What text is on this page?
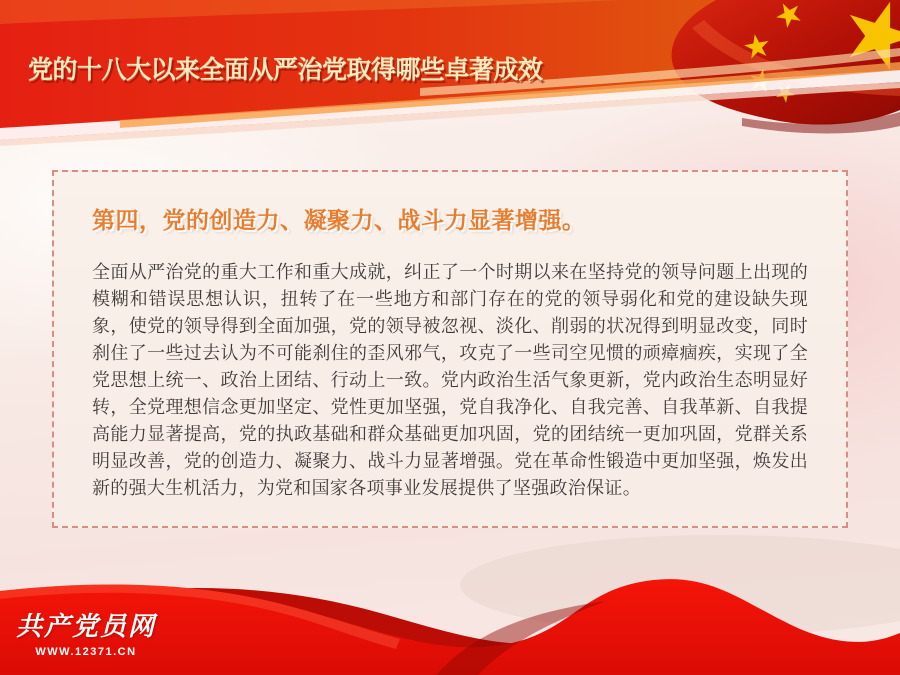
党的十八大以来全面从严治党取得哪些卓著成效
第四，党的创造力、凝聚力、战斗力显著增强。
全面从严治党的重大工作和重大成就，纠正了一个时期以来在坚持党的领导问题上出现的模糊和错误思想认识，扭转了在一些地方和部门存在的党的领导弱化和党的建设缺失现象，使党的领导得到全面加强，党的领导被忽视、淡化、削弱的状况得到明显改变，同时刹住了一些过去认为不可能刹住的歪风邪气，攻克了一些司空见惯的顽瘴痼疾，实现了全党思想上统一、政治上团结、行动上一致。党内政治生活气象更新，党内政治生态明显好转，全党理想信念更加坚定、党性更加坚强，党自我净化、自我完善、自我革新、自我提高能力显著提高，党的执政基础和群众基础更加巩固，党的团结统一更加巩固，党群关系明显改善，党的创造力、凝聚力、战斗力显著增强。党在革命性锻造中更加坚强，焕发出新的强大生机活力，为党和国家各项事业发展提供了坚强政治保证。
共产党员网
WWW.12371.CN
